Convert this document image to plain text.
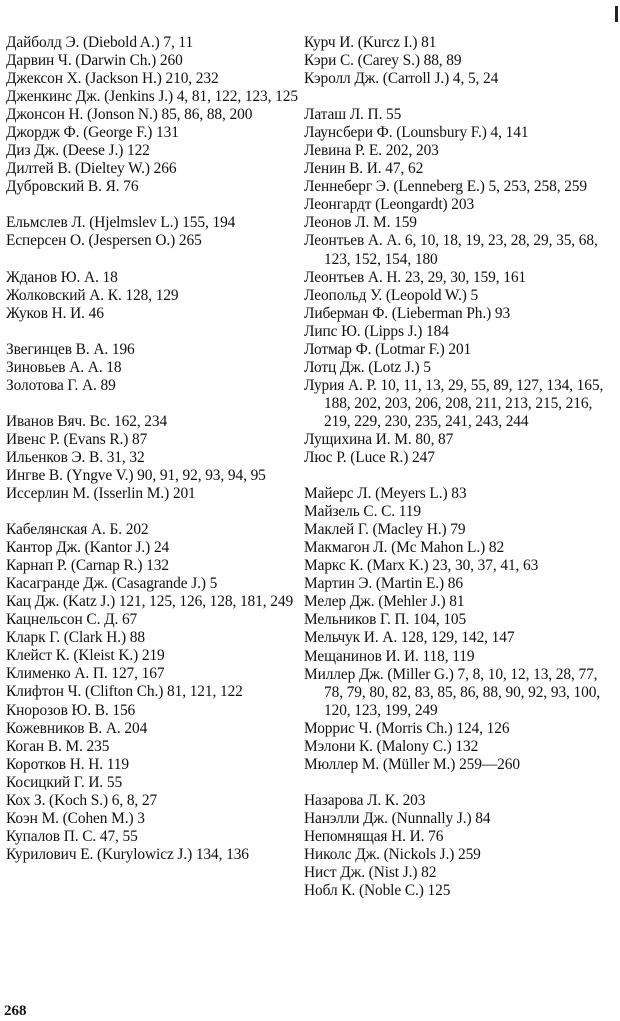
Дайболд Э. (Diebold A.) 7, 11
Дарвин Ч. (Darwin Ch.) 260
Джексон Х. (Jackson H.) 210, 232
Дженкинс Дж. (Jenkins J.) 4, 81, 122, 123, 125
Джонсон Н. (Jonson N.) 85, 86, 88, 200
Джордж Ф. (George F.) 131
Диз Дж. (Deese J.) 122
Дилтей В. (Dieltey W.) 266
Дубровский В. Я. 76
Ельмслев Л. (Hjelmslev L.) 155, 194
Есперсен О. (Jespersen O.) 265
Жданов Ю. А. 18
Жолковский А. К. 128, 129
Жуков Н. И. 46
Звегинцев В. А. 196
Зиновьев А. А. 18
Золотова Г. А. 89
Иванов Вяч. Вс. 162, 234
Ивенс Р. (Evans R.) 87
Ильенков Э. В. 31, 32
Ингве В. (Yngve V.) 90, 91, 92, 93, 94, 95
Иссерлин М. (Isserlin M.) 201
Кабелянская А. Б. 202
Кантор Дж. (Kantor J.) 24
Карнап Р. (Carnap R.) 132
Касагранде Дж. (Casagrande J.) 5
Кац Дж. (Katz J.) 121, 125, 126, 128, 181, 249
Кацнельсон С. Д. 67
Кларк Г. (Clark H.) 88
Клейст К. (Kleist K.) 219
Клименко А. П. 127, 167
Клифтон Ч. (Clifton Ch.) 81, 121, 122
Кнорозов Ю. В. 156
Кожевников В. А. 204
Коган В. М. 235
Коротков Н. Н. 119
Косицкий Г. И. 55
Кох З. (Koch S.) 6, 8, 27
Коэн М. (Cohen M.) 3
Купалов П. С. 47, 55
Курилович Е. (Kurylowicz J.) 134, 136
Курч И. (Kurcz I.) 81
Кэри С. (Carey S.) 88, 89
Кэролл Дж. (Carroll J.) 4, 5, 24
Латаш Л. П. 55
Лаунсбери Ф. (Lounsbury F.) 4, 141
Левина Р. Е. 202, 203
Ленин В. И. 47, 62
Леннеберг Э. (Lenneberg E.) 5, 253, 258, 259
Леонгардт (Leongardt) 203
Леонов Л. М. 159
Леонтьев А. А. 6, 10, 18, 19, 23, 28, 29, 35, 68, 123, 152, 154, 180
Леонтьев А. Н. 23, 29, 30, 159, 161
Леопольд У. (Leopold W.) 5
Либерман Ф. (Lieberman Ph.) 93
Липс Ю. (Lipps J.) 184
Лотмар Ф. (Lotmar F.) 201
Лотц Дж. (Lotz J.) 5
Лурия А. Р. 10, 11, 13, 29, 55, 89, 127, 134, 165, 188, 202, 203, 206, 208, 211, 213, 215, 216, 219, 229, 230, 235, 241, 243, 244
Лущихина И. М. 80, 87
Люс Р. (Luce R.) 247
Майерс Л. (Meyers L.) 83
Майзель С. С. 119
Маклей Г. (Macley H.) 79
Макмагон Л. (Mc Mahon L.) 82
Маркс К. (Marx K.) 23, 30, 37, 41, 63
Мартин Э. (Martin E.) 86
Мелер Дж. (Mehler J.) 81
Мельников Г. П. 104, 105
Мельчук И. А. 128, 129, 142, 147
Мещанинов И. И. 118, 119
Миллер Дж. (Miller G.) 7, 8, 10, 12, 13, 28, 77, 78, 79, 80, 82, 83, 85, 86, 88, 90, 92, 93, 100, 120, 123, 199, 249
Моррис Ч. (Morris Ch.) 124, 126
Мэлони К. (Malony C.) 132
Мюллер М. (Müller M.) 259—260
Назарова Л. К. 203
Нанэлли Дж. (Nunnally J.) 84
Непомнящая Н. И. 76
Николс Дж. (Nickols J.) 259
Нист Дж. (Nist J.) 82
Нобл К. (Noble C.) 125
268
